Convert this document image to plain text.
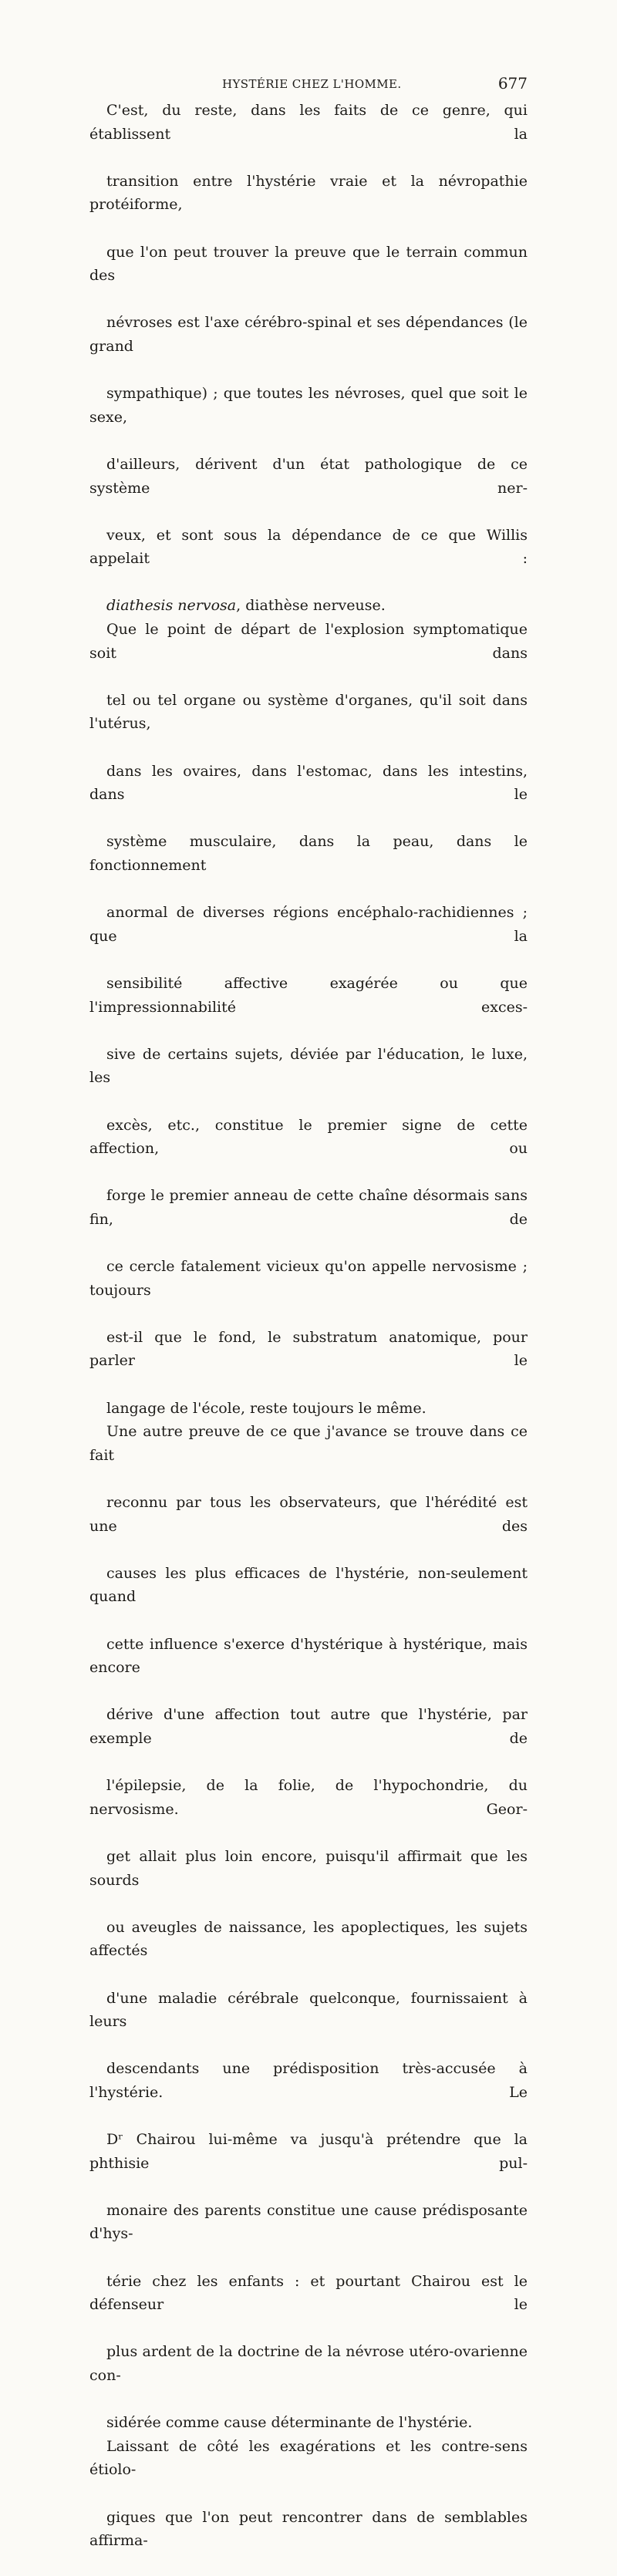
HYSTÉRIE CHEZ L'HOMME.	677

C'est, du reste, dans les faits de ce genre, qui établissent la
transition entre l'hystérie vraie et la névropathie protéiforme,
que l'on peut trouver la preuve que le terrain commun des
névroses est l'axe cérébro-spinal et ses dépendances (le grand
sympathique) ; que toutes les névroses, quel que soit le sexe,
d'ailleurs, dérivent d'un état pathologique de ce système ner-
veux, et sont sous la dépendance de ce que Willis appelait :
diathesis nervosa, diathèse nerveuse.

Que le point de départ de l'explosion symptomatique soit dans
tel ou tel organe ou système d'organes, qu'il soit dans l'utérus,
dans les ovaires, dans l'estomac, dans les intestins, dans le
système musculaire, dans la peau, dans le fonctionnement
anormal de diverses régions encéphalo-rachidiennes ; que la
sensibilité affective exagérée ou que l'impressionnabilité exces-
sive de certains sujets, déviée par l'éducation, le luxe, les
excès, etc., constitue le premier signe de cette affection, ou
forge le premier anneau de cette chaîne désormais sans fin, de
ce cercle fatalement vicieux qu'on appelle nervosisme ; toujours
est-il que le fond, le substratum anatomique, pour parler le
langage de l'école, reste toujours le même.

Une autre preuve de ce que j'avance se trouve dans ce fait
reconnu par tous les observateurs, que l'hérédité est une des
causes les plus efficaces de l'hystérie, non-seulement quand
cette influence s'exerce d'hystérique à hystérique, mais encore
dérive d'une affection tout autre que l'hystérie, par exemple de
l'épilepsie, de la folie, de l'hypochondrie, du nervosisme. Geor-
get allait plus loin encore, puisqu'il affirmait que les sourds
ou aveugles de naissance, les apoplectiques, les sujets affectés
d'une maladie cérébrale quelconque, fournissaient à leurs
descendants une prédisposition très-accusée à l'hystérie. Le
Dʳ Chairou lui-même va jusqu'à prétendre que la phthisie pul-
monaire des parents constitue une cause prédisposante d'hys-
térie chez les enfants : et pourtant Chairou est le défenseur le
plus ardent de la doctrine de la névrose utéro-ovarienne con-
sidérée comme cause déterminante de l'hystérie.

Laissant de côté les exagérations et les contre-sens étiolo-
giques que l'on peut rencontrer dans de semblables affirma-
